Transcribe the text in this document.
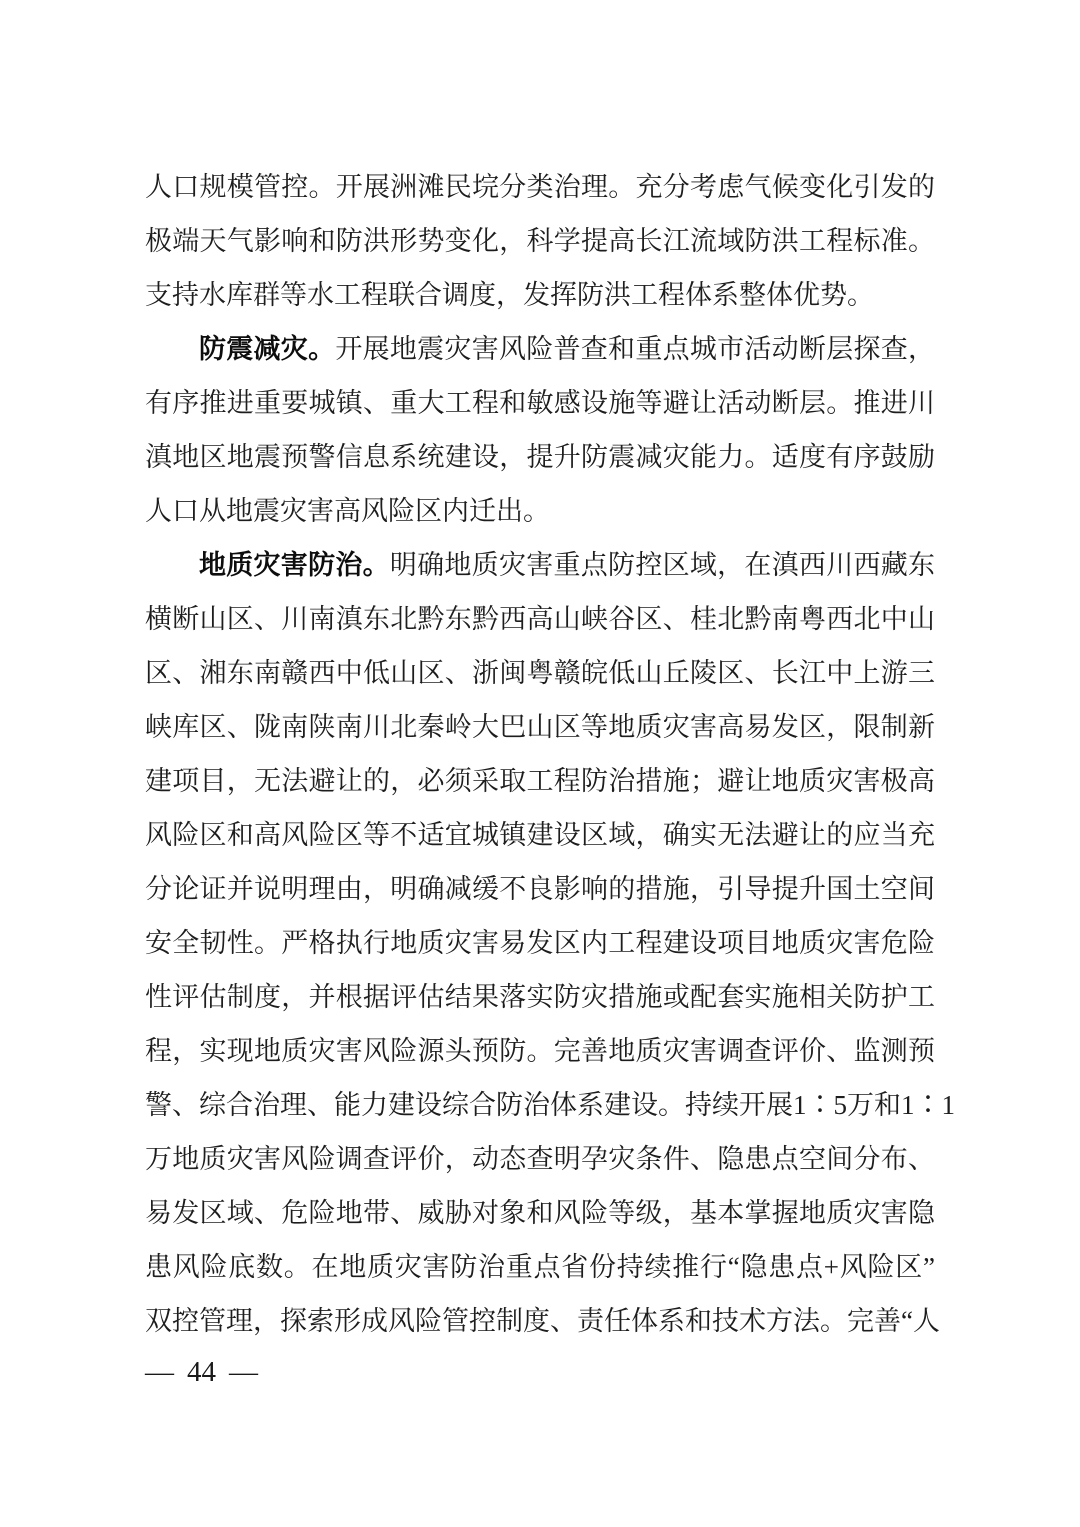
人口规模管控。开展洲滩民垸分类治理。充分考虑气候变化引发的
极端天气影响和防洪形势变化，科学提高长江流域防洪工程标准。
支持水库群等水工程联合调度，发挥防洪工程体系整体优势。
防震减灾。开展地震灾害风险普查和重点城市活动断层探查，
有序推进重要城镇、重大工程和敏感设施等避让活动断层。推进川
滇地区地震预警信息系统建设，提升防震减灾能力。适度有序鼓励
人口从地震灾害高风险区内迁出。
地质灾害防治。明确地质灾害重点防控区域，在滇西川西藏东
横断山区、川南滇东北黔东黔西高山峡谷区、桂北黔南粤西北中山
区、湘东南赣西中低山区、浙闽粤赣皖低山丘陵区、长江中上游三
峡库区、陇南陕南川北秦岭大巴山区等地质灾害高易发区，限制新
建项目，无法避让的，必须采取工程防治措施；避让地质灾害极高
风险区和高风险区等不适宜城镇建设区域，确实无法避让的应当充
分论证并说明理由，明确减缓不良影响的措施，引导提升国土空间
安全韧性。严格执行地质灾害易发区内工程建设项目地质灾害危险
性评估制度，并根据评估结果落实防灾措施或配套实施相关防护工
程，实现地质灾害风险源头预防。完善地质灾害调查评价、监测预
警、综合治理、能力建设综合防治体系建设。持续开展1∶5万和1∶1
万地质灾害风险调查评价，动态查明孕灾条件、隐患点空间分布、
易发区域、危险地带、威胁对象和风险等级，基本掌握地质灾害隐
患风险底数。在地质灾害防治重点省份持续推行“隐患点+风险区”
双控管理，探索形成风险管控制度、责任体系和技术方法。完善“人
— 44 —
